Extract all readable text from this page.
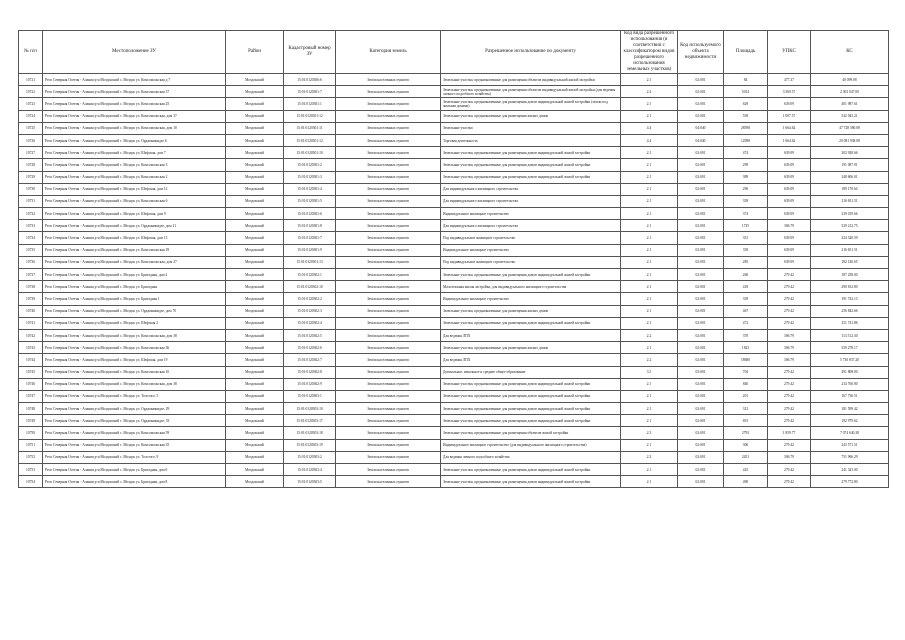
№ п/п	Местоположение ЗУ	Район	Кадастровый номер ЗУ	Категория земель	Разрешенное использование по документу	Код вида разрешенного использования (в соответствии с классификатором видов разрешенного использования земельных участков)	Код используемого объекта недвижимости	Площадь	УПКС	КС
10721	Респ Северная Осетия - Алания р-н Моздокский с. Моздок ул. Комсомольская д 7	Моздокский	15:01:0120306:6	Земли населенных пунктов	Земельные участки, предназначенные для размещения объектов индивидуальной жилой застройки	2.1	02:001	84	477.37	40 099.08
10722	Респ Северная Осетия - Алания р-н Моздокский с. Моздок ул. Комсомольская 37	Моздокский	15:01:0120301:7	Земли населенных пунктов	Земельные участки, предназначенные для размещения объектов индивидуальной жилой застройки (для ведения личного подсобного хозяйства)	2.4	02:001	5014	3 569.57	2 302 047.00
10723	Респ Северная Осетия - Алания р-н Моздокский с. Моздок ул. Комсомольская 25	Моздокский	15:01:0120301:1	Земли населенных пунктов	Земельные участки, предназначенные для размещения домов индивидуальной жилой застройки (земли под жилыми домами)	2.1	02:001	629	639.09	401 987.61
10724	Респ Северная Осетия - Алания р-н Моздокский с. Моздок ул. Комсомольская, дом 37	Моздокский	15:01:0120301:12	Земли населенных пунктов	Земельные участки, предназначенные для размещения жилых домов	2.1	02:001	539	1 007.57	542 943.21
10725	Респ Северная Осетия - Алания р-н Моздокский с. Моздок ул. Комсомольская, дом 10	Моздокский	15:01:0120301:11	Земли населенных пунктов	Земельные участки	4.4	04:040	28598	1 664.62	47 728 580.08
10726	Респ Северная Осетия - Алания р-н Моздокский с. Моздок ул. Орджоникидзе 6	Моздокский	15:01:0120301:12	Земли населенных пунктов	Торговая деятельность	4.4	04:040	12098	1 664.62	20 081 938.08
10727	Респ Северная Осетия - Алания р-н Моздокский с. Моздок ул. Шефская, дом 7	Моздокский	15:01:0120301:10	Земли населенных пунктов	Земельные участки, предназначенные для размещения домов индивидуальной жилой застройки	2.1	02:001	474	639.09	302 928.66
10728	Респ Северная Осетия - Алания р-н Моздокский с. Моздок ул. Комсомольская 3	Моздокский	15:01:0120301:2	Земли населенных пунктов	Земельные участки, предназначенные для размещения домов индивидуальной жилой застройки	2.1	02:001	299	639.09	191 087.91
10729	Респ Северная Осетия - Алания р-н Моздокский с. Моздок ул. Комсомольская 2	Моздокский	15:01:0120301:3	Земли населенных пунктов	Земельные участки, предназначенные для размещения домов индивидуальной жилой застройки	2.1	02:001	389	639.09	248 606.01
10730	Респ Северная Осетия - Алания р-н Моздокский с. Моздок ул. Шефская, дом 12	Моздокский	15:01:0120301:4	Земли населенных пунктов	Для индивидуального жилищного строительства	2.1	02:001	296	639.09	189 170.64
10731	Респ Северная Осетия - Алания р-н Моздокский с. Моздок ул. Комсомольская 6	Моздокский	15:01:0120301:5	Земли населенных пунктов	Для индивидуального жилищного строительства	2.1	02:001	339	639.09	216 651.51
10732	Респ Северная Осетия - Алания р-н Моздокский с. Моздок ул. Шефская, дом 9	Моздокский	15:01:0120301:6	Земли населенных пунктов	Индивидуальное жилищное строительство	2.1	02:001	374	639.09	239 019.66
10733	Респ Северная Осетия - Алания р-н Моздокский с. Моздок ул. Орджоникидзе, дом 21	Моздокский	15:01:0120301:8	Земли населенных пунктов	Для индивидуального жилищного строительства	2.1	02:001	1725	306.79	529 212.75
10734	Респ Северная Осетия - Алания р-н Моздокский с. Моздок ул. Шефская, дом 15	Моздокский	15:01:0120301:7	Земли населенных пунктов	Под индивидуальное жилищное строительство	2.1	02:001	351	639.09	224 320.59
10735	Респ Северная Осетия - Алания р-н Моздокский с. Моздок ул. Комсомольская 29	Моздокский	15:01:0120301:9	Земли населенных пунктов	Индивидуальное жилищное строительство	2.1	02:001	339	639.09	216 651.51
10736	Респ Северная Осетия - Алания р-н Моздокский с. Моздок ул. Комсомольская, дом 27	Моздокский	15:01:0120301:13	Земли населенных пунктов	Под индивидуальное жилищное строительство	2.1	02:001	285	639.09	182 140.65
10737	Респ Северная Осетия - Алания р-н Моздокский с. Моздок ул. Бригадная, дом 2	Моздокский	15:01:0120302:1	Земли населенных пунктов	Земельные участки, предназначенные для размещения домов индивидуальной жилой застройки	2.1	02:001	260	279.42	187 258.00
10738	Респ Северная Осетия - Алания р-н Моздокский с. Моздок ул. Бригадная	Моздокский	15:01:0120302:10	Земли населенных пунктов	Малоэтажная жилая застройка, для индивидуального жилищного строительства	2.1	02:001	418	279.42	290 812.80
10739	Респ Северная Осетия - Алания р-н Моздокский с. Моздок ул. Бригадная 1	Моздокский	15:01:0120302:2	Земли населенных пунктов	Индивидуальное жилищное строительство	2.1	02:001	339	279.42	191 742.13
10740	Респ Северная Осетия - Алания р-н Моздокский с. Моздок ул. Орджоникидзе, дом 70	Моздокский	15:01:0120302:3	Земли населенных пунктов	Земельные участки, предназначенные для размещения жилых домов	2.1	02:001	467	279.42	256 842.66
10741	Респ Северная Осетия - Алания р-н Моздокский с. Моздок ул. Шефская 2	Моздокский	15:01:0120302:4	Земли населенных пунктов	Земельные участки, предназначенные для размещения домов индивидуальной жилой застройки	2.1	02:001	472	279.42	251 741.86
10742	Респ Северная Осетия - Алания р-н Моздокский с. Моздок ул. Комсомольская, дом 38	Моздокский	15:01:0120302:5	Земли населенных пунктов	Для ведения ЛПХ	2.2	02:001	370	306.79	113 512.30
10743	Респ Северная Осетия - Алания р-н Моздокский с. Моздок ул. Комсомольская 36	Моздокский	15:01:0120302:6	Земли населенных пунктов	Земельные участки, предназначенные для размещения жилых домов	2.1	02:001	1823	306.79	559 278.17
10744	Респ Северная Осетия - Алания р-н Моздокский с. Моздок ул. Шефская, дом 19	Моздокский	15:01:0120302:7	Земли населенных пунктов	Для ведения ЛПХ	2.2	02:001	18680	306.79	5 730 837.20
10745	Респ Северная Осетия - Алания р-н Моздокский с. Моздок ул. Комсомольская 10	Моздокский	15:01:0120302:8	Земли населенных пунктов	Дошкольное, начальное и среднее общее образование	3.5	03:001	704	279.42	491 808.00
10746	Респ Северная Осетия - Алания р-н Моздокский с. Моздок ул. Комсомольская, дом 38	Моздокский	15:01:0120302:9	Земли населенных пунктов	Земельные участки, предназначенные для размещения домов индивидуальной жилой застройки	2.1	02:001	840	279.42	234 760.80
10747	Респ Северная Осетия - Алания р-н Моздокский с. Моздок ул. Толстого, 5	Моздокский	15:01:0120303:1	Земли населенных пунктов	Земельные участки, предназначенные для размещения домов индивидуальной жилой застройки	2.1	02:001	201	279.42	167 736.51
10748	Респ Северная Осетия - Алания р-н Моздокский с. Моздок ул. Орджоникидзе, 29	Моздокский	15:01:0120303:10	Земли населенных пунктов	Земельные участки, предназначенные для размещения домов индивидуальной жилой застройки	2.1	02:001	312	279.42	181 599.42
10749	Респ Северная Осетия - Алания р-н Моздокский с. Моздок ул. Орджоникидзе, 33	Моздокский	15:01:0120303:17	Земли населенных пунктов	Земельные участки, предназначенные для размещения домов индивидуальной жилой застройки	2.1	02:001	691	279.42	192 979.62
10750	Респ Северная Осетия - Алания р-н Моздокский с. Моздок ул. Комсомольская 59	Моздокский	15:01:0120303:18	Земли населенных пунктов	Земельные участки, предназначенные для размещения объектов жилой застройки	2.3	02:001	2793	1 859.77	7 074 640.28
10751	Респ Северная Осетия - Алания р-н Моздокский с. Моздок ул. Комсомольская 35	Моздокский	15:01:0120303:19	Земли населенных пунктов	Индивидуальное жилищное строительство (для индивидуального жилищного строительства)	2.1	02:001	306	279.42	243 571.51
10752	Респ Северная Осетия - Алания р-н Моздокский с. Моздок ул. Толстого, 9	Моздокский	15:01:0120303:2	Земли населенных пунктов	Для ведения личного подсобного хозяйства	2.2	02:001	2451	306.79	751 966.29
10753	Респ Северная Осетия - Алания р-н Моздокский с. Моздок ул. Бригадная, дом 6	Моздокский	15:01:0120303:4	Земли населенных пунктов	Земельные участки, предназначенные для размещения домов индивидуальной жилой застройки	2.1	02:001	425	279.42	241 341.00
10754	Респ Северная Осетия - Алания р-н Моздокский с. Моздок ул. Бригадная, дом 8	Моздокский	15:01:0120303:5	Земли населенных пунктов	Земельные участки, предназначенные для размещения домов индивидуальной жилой застройки	2.1	02:001	490	279.42	279 772.80
